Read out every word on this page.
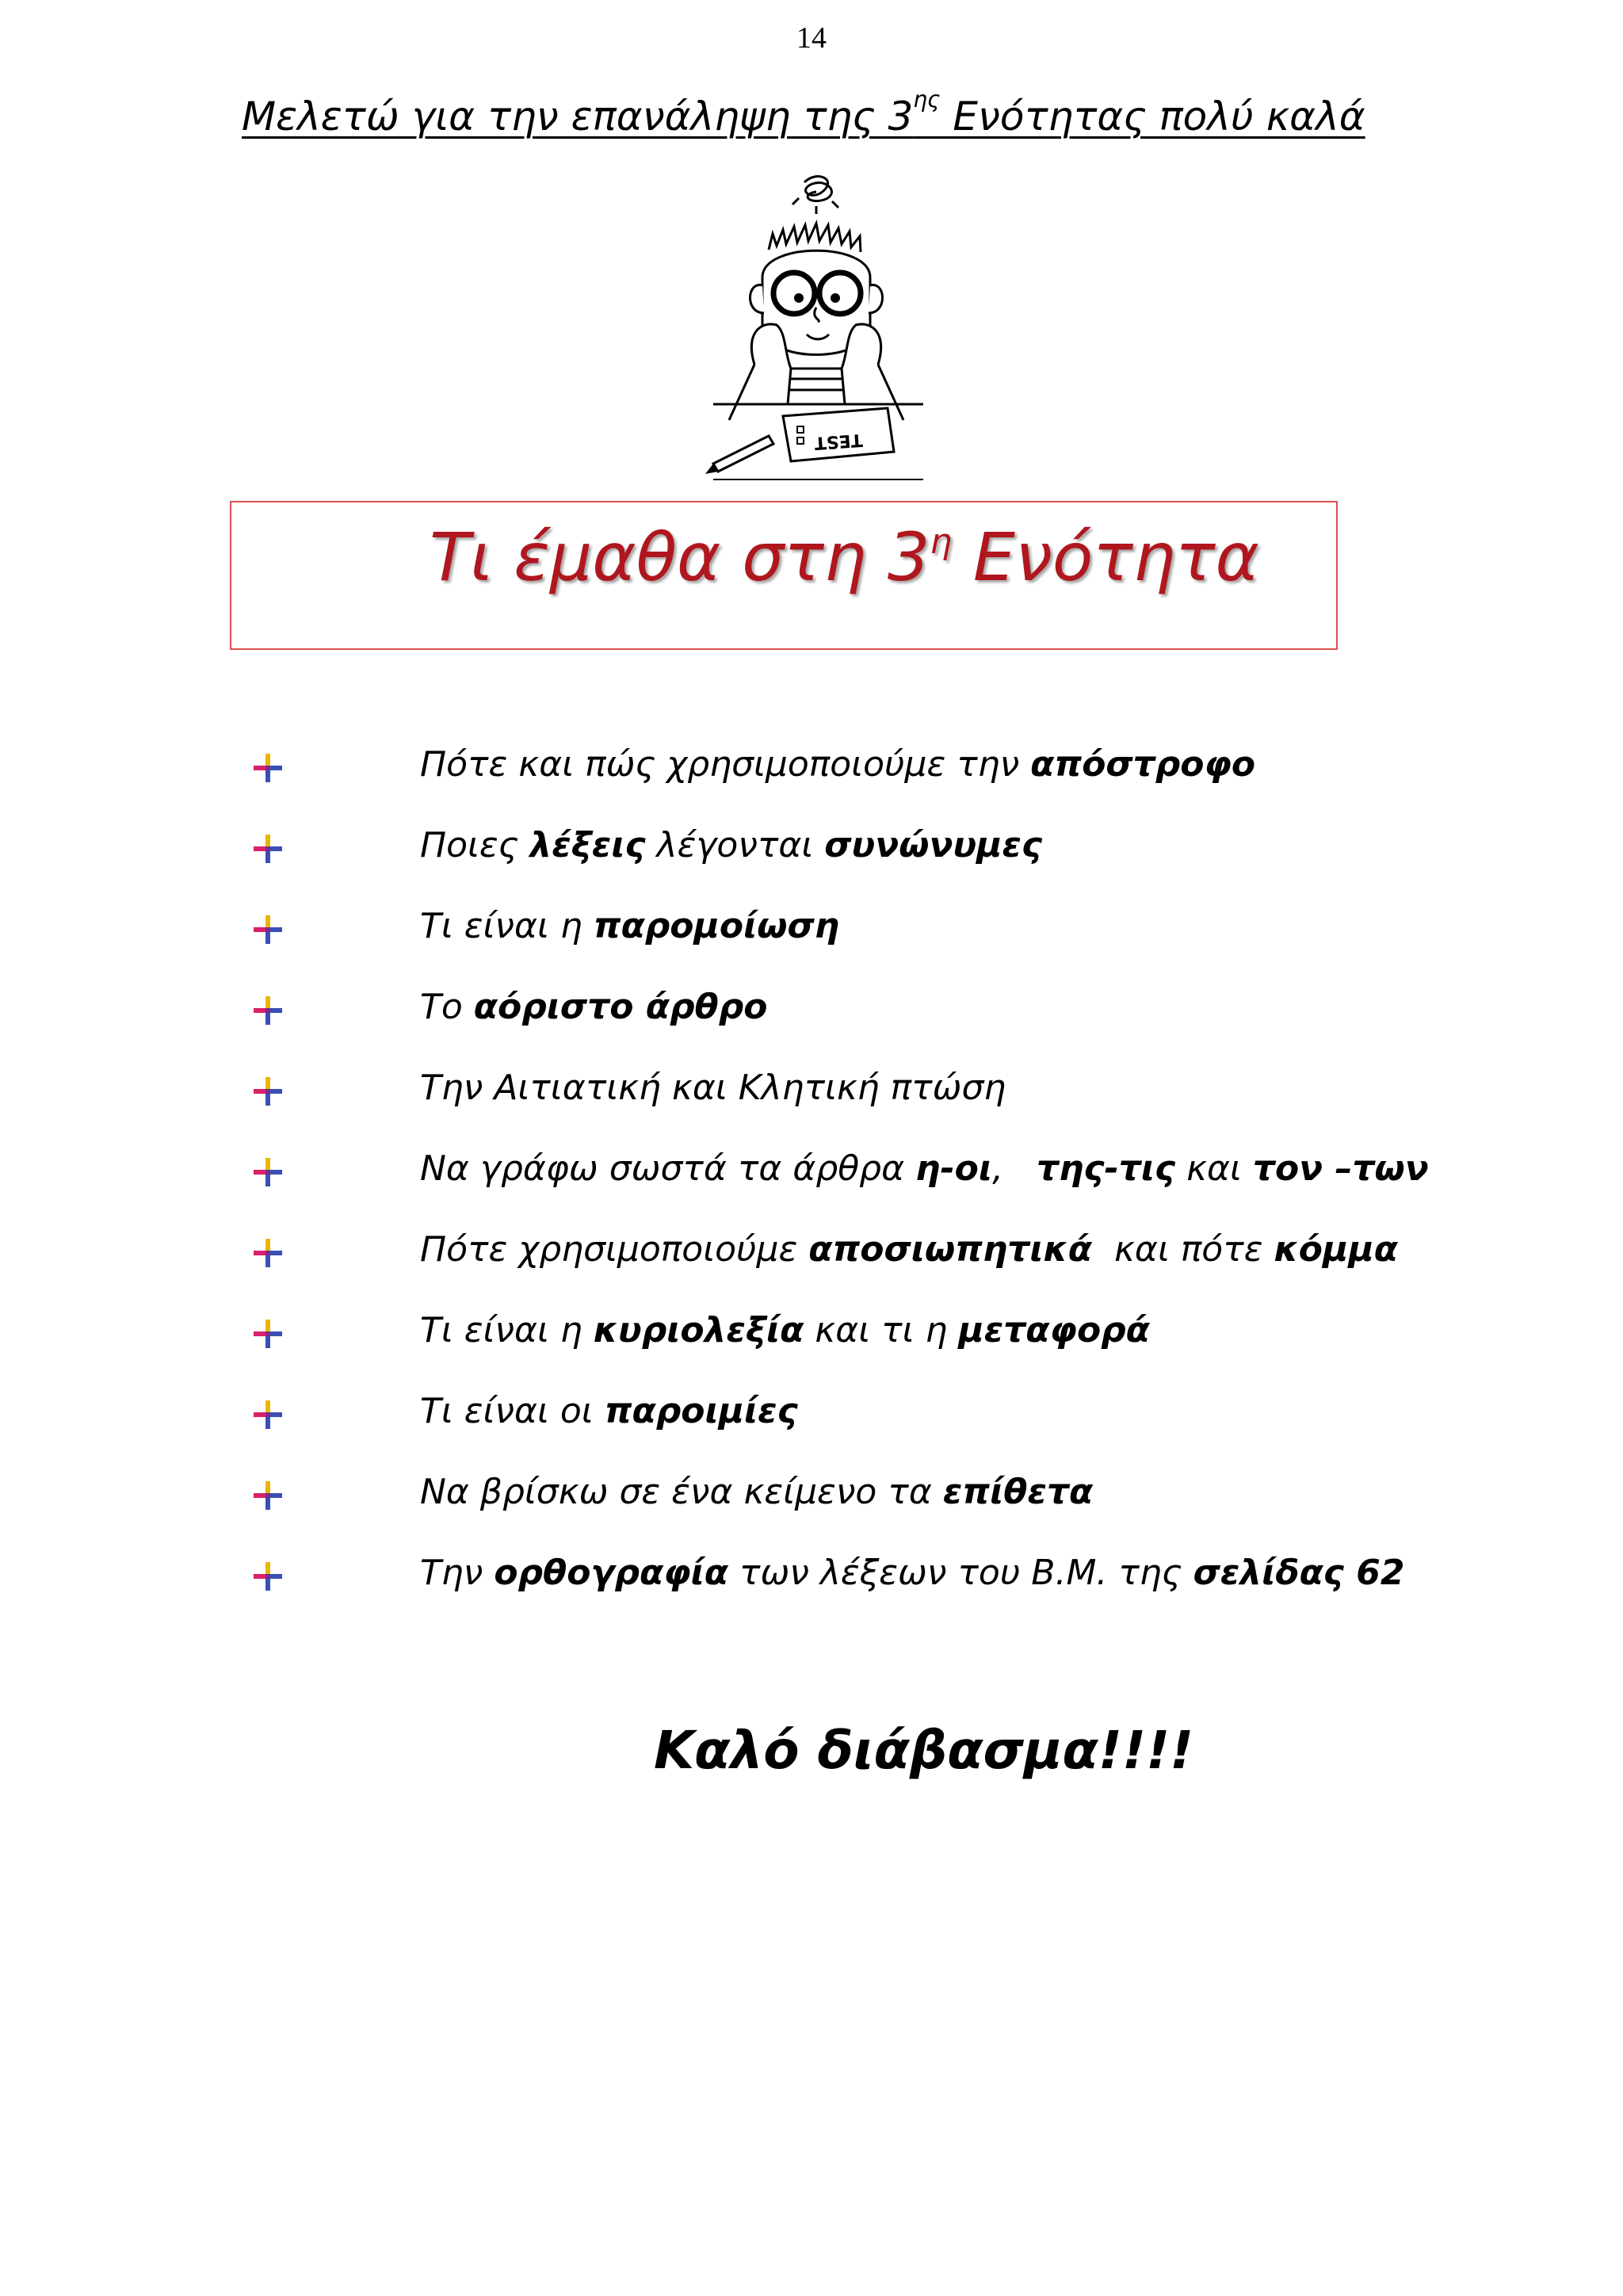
14
Μελετώ για την επανάληψη της $3^{\eta\varsigma}$ Ενότητας πολύ καλά
TEST
Τι έμαθα στη $3^\eta$ Ενότητα
Πότε και πώς χρησιμοποιούμε την απόστροφο
Ποιες λέξεις λέγονται συνώνυμες
Τι είναι η παρομοίωση
Το αόριστο άρθρο
Την Αιτιατική και Κλητική πτώση
Να γράφω σωστά τα άρθρα η-οι,   της-τις και τον –των
Πότε χρησιμοποιούμε αποσιωπητικά  και πότε κόμμα
Τι είναι η κυριολεξία και τι η μεταφορά
Τι είναι οι παροιμίες
Να βρίσκω σε ένα κείμενο τα επίθετα
Την ορθογραφία των λέξεων του Β.Μ. της σελίδας 62
Καλό διάβασμα!!!!
